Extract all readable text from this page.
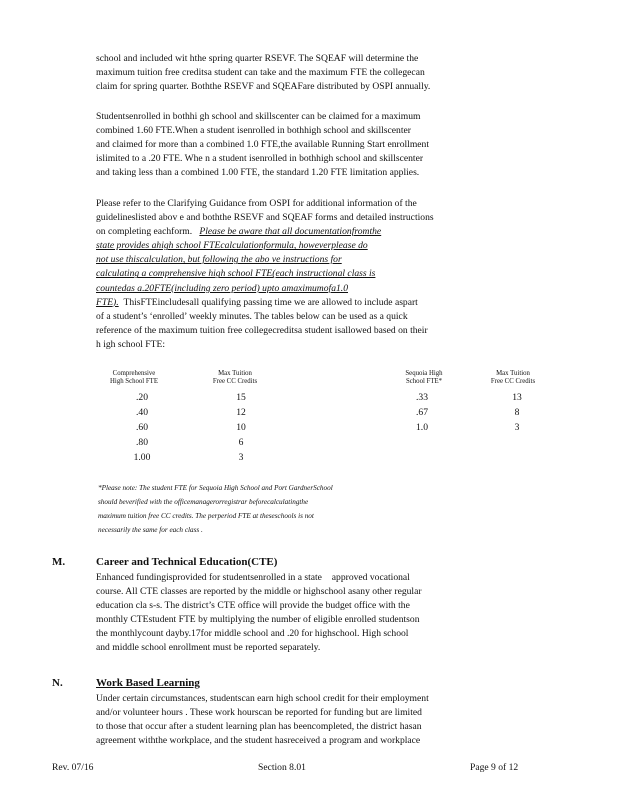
school and included wit hthe spring quarter RSEVF. The SQEAF will determine the

maximum tuition free creditsa student can take and the maximum FTE the collegecan

claim for spring quarter. Boththe RSEVF and SQEAFare distributed by OSPI annually.

Studentsenrolled in bothhi gh school and skillscenter can be claimed for a maximum

combined 1.60 FTE.When a student isenrolled in bothhigh school and skillscenter

and claimed for more than a combined 1.0 FTE,the available Running Start enrollment

islimited to a .20 FTE. Whe n a student isenrolled in bothhigh school and skillscenter

and taking less than a combined 1.00 FTE, the standard 1.20 FTE limitation applies.

Please refer to the Clarifying Guidance from OSPI for additional information of the

guidelineslisted abov e and boththe RSEVF and SQEAF forms and detailed instructions

on completing eachform. Please be aware that all documentationfromthe

state provides ahigh school FTEcalculationformula, howeverplease do

not use thiscalculation, but following the abo ve instructions for

calculating a comprehensive high school FTE(each instructional class is

countedas a.20FTE(including zero period) upto amaximumofa1.0

FTE). ThisFTEincludesall qualifying passing time we are allowed to include aspart

of a student’s ‘enrolled’ weekly minutes. The tables below can be used as a quick

reference of the maximum tuition free collegecreditsa student isallowed based on their

h igh school FTE:

Comprehensive
High School FTE
Max Tuition
Free CC Credits
.20	15
.40	12
.60	10
.80	6
1.00	3
Sequoia High
School FTE*
Max Tuition
Free CC Credits
.33	13
.67	8
1.0	3
*Please note: The student FTE for Sequoia High School and Port GardnerSchool
should beverified with the officemanagerorregistrar beforecalculatingthe
maximum tuition free CC credits. The perperiod FTE at theseschools is not
necessarily the same for each class .
M.	Career and Technical Education(CTE)

Enhanced fundingisprovided for studentsenrolled in a state  approved vocational

course. All CTE classes are reported by the middle or highschool asany other regular

education cla s-s. The district’s CTE office will provide the budget office with the

monthly CTEstudent FTE by multiplying the number of eligible enrolled studentson

the monthlycount dayby.17for middle school and .20 for highschool. High school

and middle school enrollment must be reported separately.

N.	Work Based Learning

Under certain circumstances, studentscan earn high school credit for their employment

and/or volunteer hours . These work hourscan be reported for funding but are limited

to those that occur after a student learning plan has beencompleted, the district hasan

agreement withthe workplace, and the student hasreceived a program and workplace

Rev. 07/16	Section 8.01	Page 9 of 12
